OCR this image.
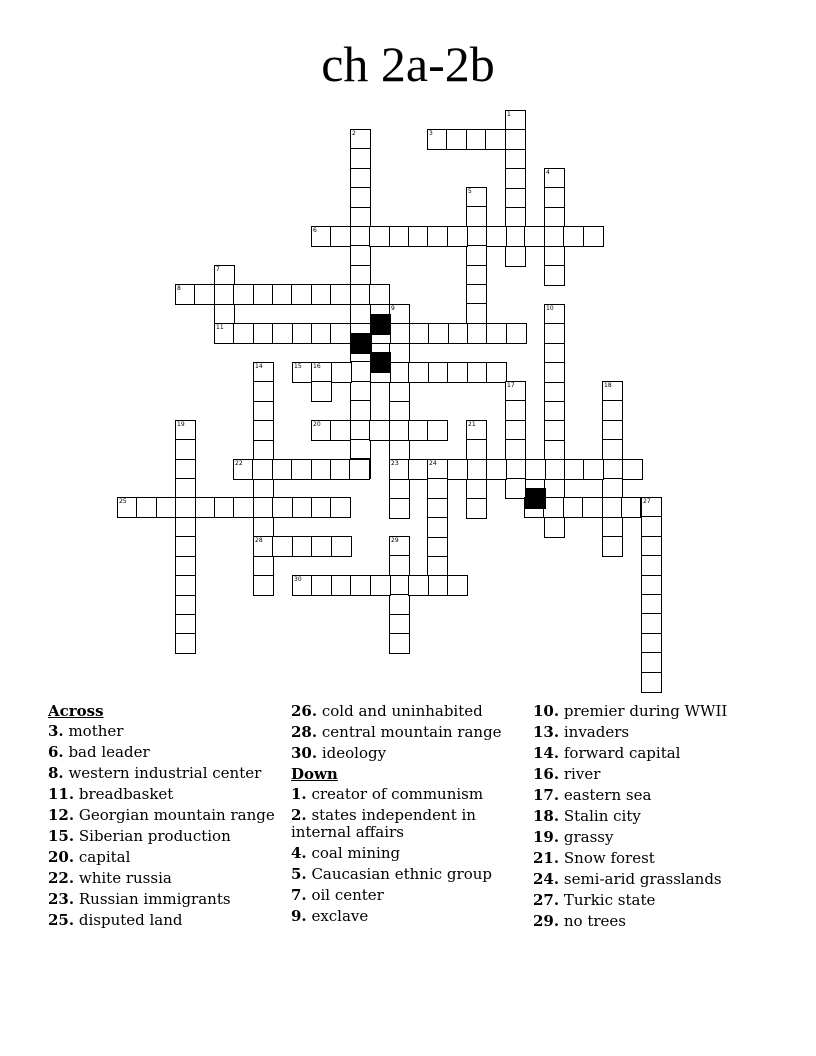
ch 2a-2b
1
2	3
4
5
6
7
11
8
9
23
10
14	15 16
17	18
19	20	21
22	24
25	27
28	29
30
Across
3. mother
6. bad leader
8. western industrial center
11. breadbasket
12. Georgian mountain range
15. Siberian production
20. capital
22. white russia
23. Russian immigrants
25. disputed land
26. cold and uninhabited
28. central mountain range
30. ideology
Down
1. creator of communism
2. states independent in internal affairs
4. coal mining
5. Caucasian ethnic group
7. oil center
9. exclave
10. premier during WWII
13. invaders
14. forward capital
16. river
17. eastern sea
18. Stalin city
19. grassy
21. Snow forest
24. semi-arid grasslands
27. Turkic state
29. no trees
